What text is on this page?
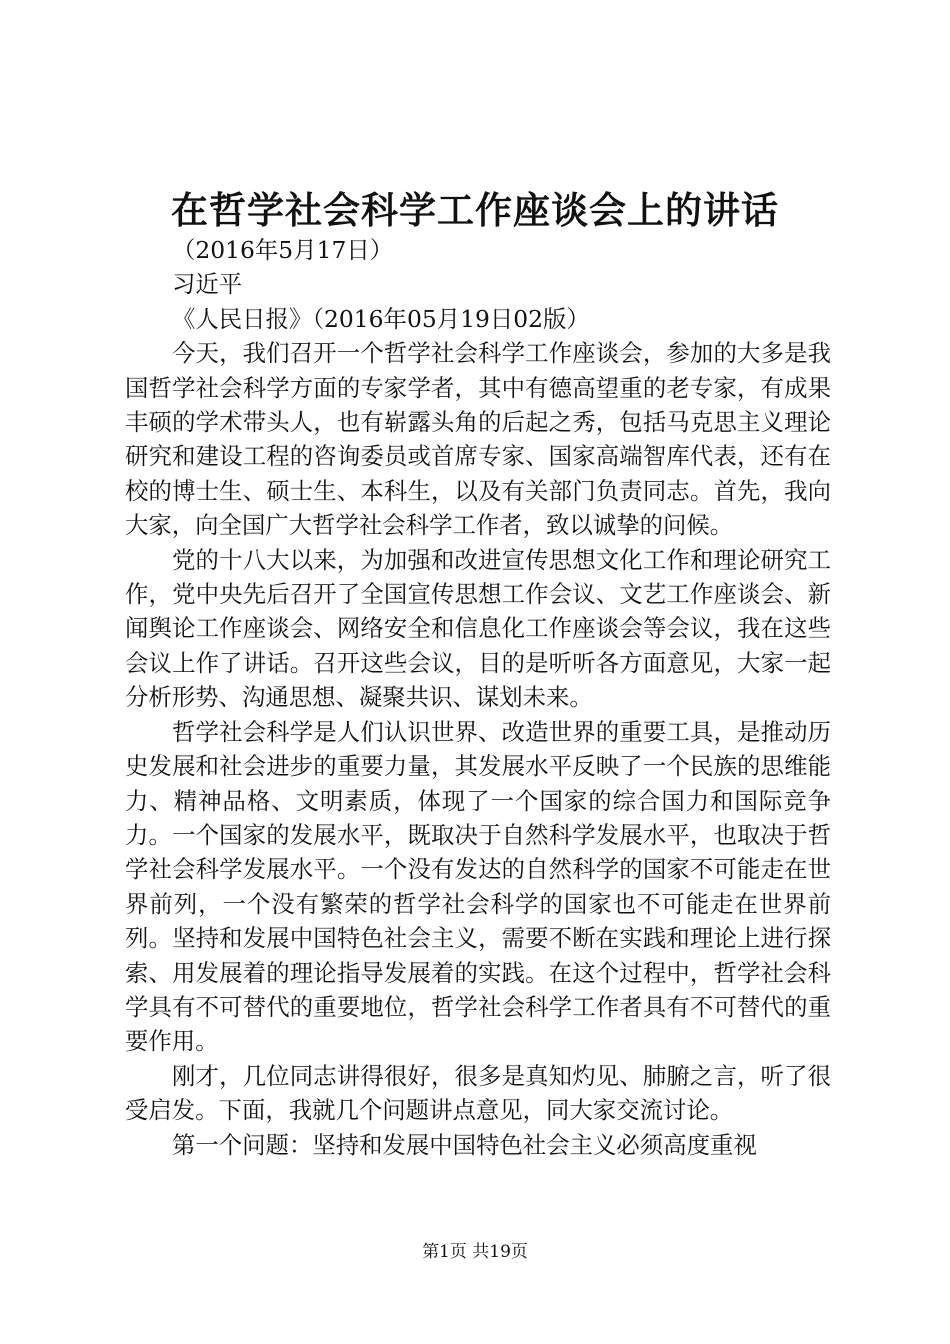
在哲学社会科学工作座谈会上的讲话

（2016年5月17日）

习近平

《人民日报》（2016年05月19日02版）

今天，我们召开一个哲学社会科学工作座谈会，参加的大多是我国哲学社会科学方面的专家学者，其中有德高望重的老专家，有成果丰硕的学术带头人，也有崭露头角的后起之秀，包括马克思主义理论研究和建设工程的咨询委员或首席专家、国家高端智库代表，还有在校的博士生、硕士生、本科生，以及有关部门负责同志。首先，我向大家，向全国广大哲学社会科学工作者，致以诚挚的问候。

党的十八大以来，为加强和改进宣传思想文化工作和理论研究工作，党中央先后召开了全国宣传思想工作会议、文艺工作座谈会、新闻舆论工作座谈会、网络安全和信息化工作座谈会等会议，我在这些会议上作了讲话。召开这些会议，目的是听听各方面意见，大家一起分析形势、沟通思想、凝聚共识、谋划未来。

哲学社会科学是人们认识世界、改造世界的重要工具，是推动历史发展和社会进步的重要力量，其发展水平反映了一个民族的思维能力、精神品格、文明素质，体现了一个国家的综合国力和国际竞争力。一个国家的发展水平，既取决于自然科学发展水平，也取决于哲学社会科学发展水平。一个没有发达的自然科学的国家不可能走在世界前列，一个没有繁荣的哲学社会科学的国家也不可能走在世界前列。坚持和发展中国特色社会主义，需要不断在实践和理论上进行探索、用发展着的理论指导发展着的实践。在这个过程中，哲学社会科学具有不可替代的重要地位，哲学社会科学工作者具有不可替代的重要作用。

刚才，几位同志讲得很好，很多是真知灼见、肺腑之言，听了很受启发。下面，我就几个问题讲点意见，同大家交流讨论。

第一个问题：坚持和发展中国特色社会主义必须高度重视

第1页 共19页
